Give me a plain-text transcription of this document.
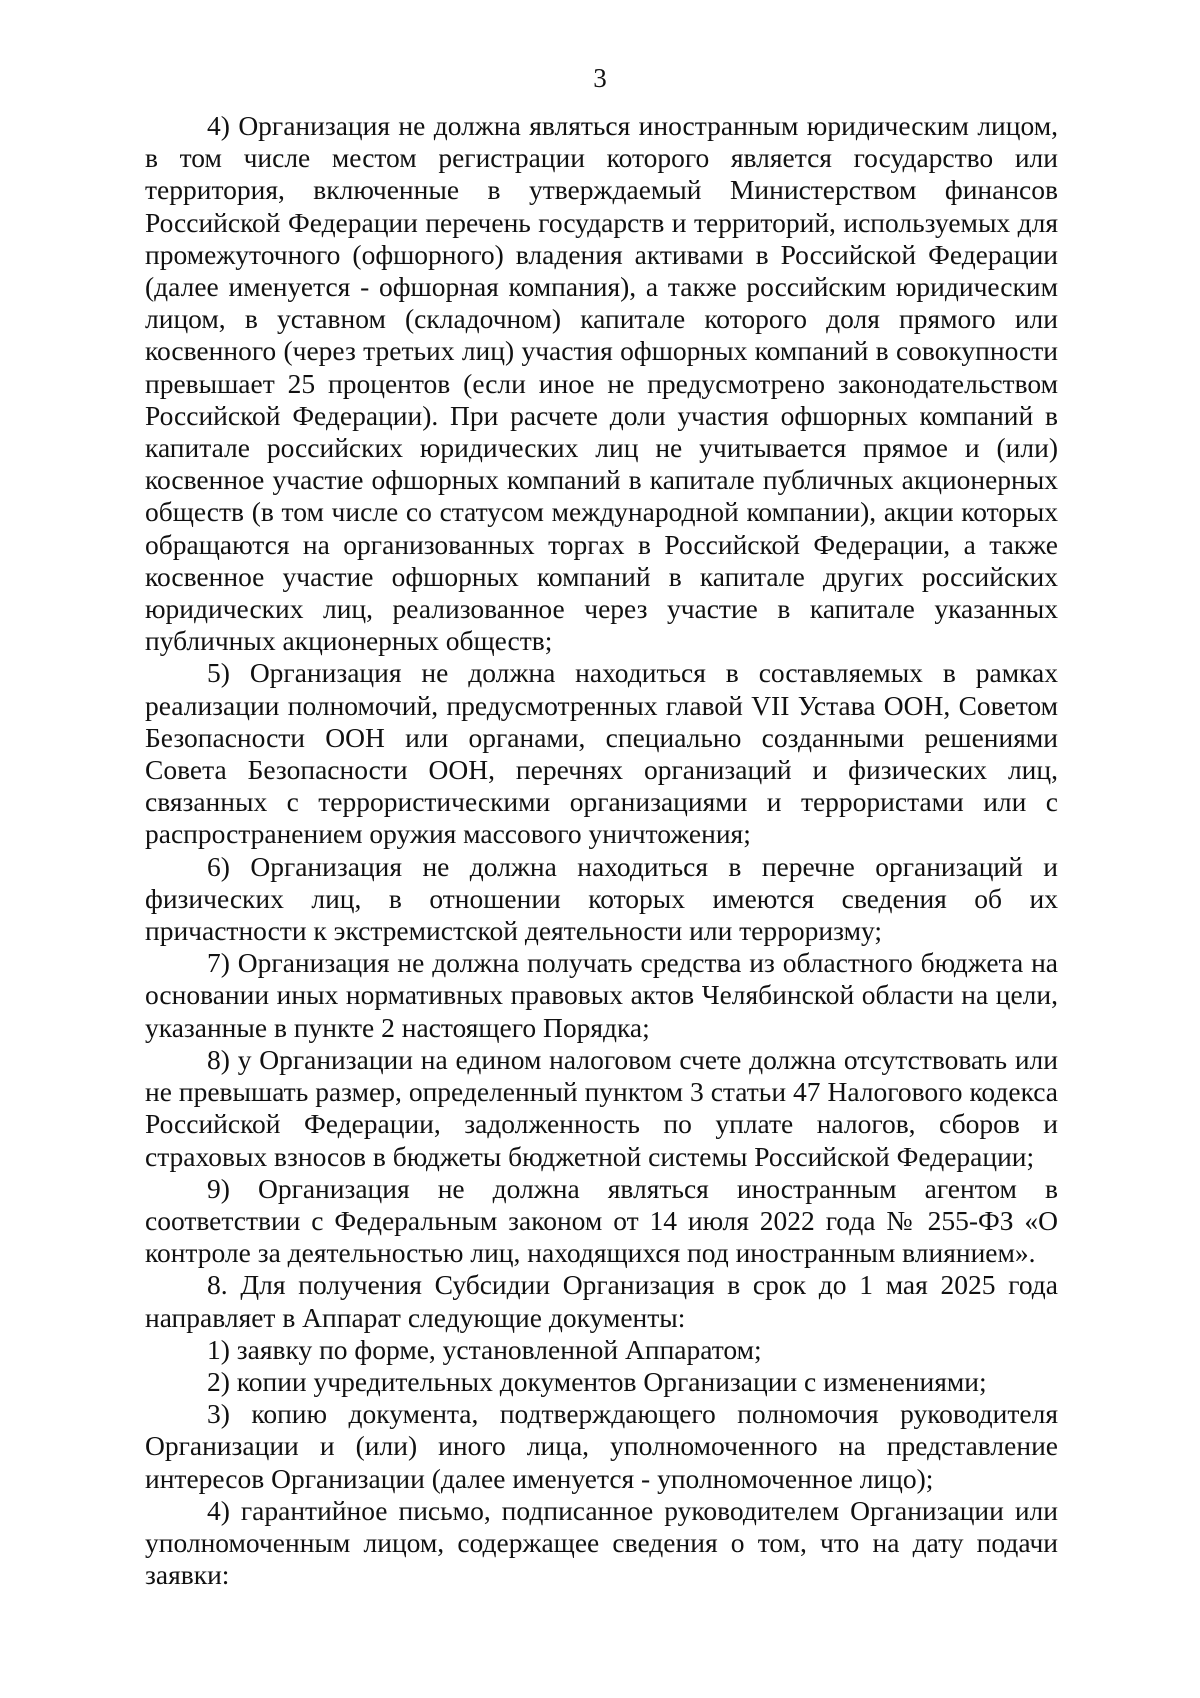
3

4) Организация не должна являться иностранным юридическим лицом, в том числе местом регистрации которого является государство или территория, включенные в утверждаемый Министерством финансов Российской Федерации перечень государств и территорий, используемых для промежуточного (офшорного) владения активами в Российской Федерации (далее именуется - офшорная компания), а также российским юридическим лицом, в уставном (складочном) капитале которого доля прямого или косвенного (через третьих лиц) участия офшорных компаний в совокупности превышает 25 процентов (если иное не предусмотрено законодательством Российской Федерации). При расчете доли участия офшорных компаний в капитале российских юридических лиц не учитывается прямое и (или) косвенное участие офшорных компаний в капитале публичных акционерных обществ (в том числе со статусом международной компании), акции которых обращаются на организованных торгах в Российской Федерации, а также косвенное участие офшорных компаний в капитале других российских юридических лиц, реализованное через участие в капитале указанных публичных акционерных обществ;

5) Организация не должна находиться в составляемых в рамках реализации полномочий, предусмотренных главой VII Устава ООН, Советом Безопасности ООН или органами, специально созданными решениями Совета Безопасности ООН, перечнях организаций и физических лиц, связанных с террористическими организациями и террористами или с распространением оружия массового уничтожения;

6) Организация не должна находиться в перечне организаций и физических лиц, в отношении которых имеются сведения об их причастности к экстремистской деятельности или терроризму;

7) Организация не должна получать средства из областного бюджета на основании иных нормативных правовых актов Челябинской области на цели, указанные в пункте 2 настоящего Порядка;

8) у Организации на едином налоговом счете должна отсутствовать или не превышать размер, определенный пунктом 3 статьи 47 Налогового кодекса Российской Федерации, задолженность по уплате налогов, сборов и страховых взносов в бюджеты бюджетной системы Российской Федерации;

9) Организация не должна являться иностранным агентом в соответствии с Федеральным законом от 14 июля 2022 года № 255-ФЗ «О контроле за деятельностью лиц, находящихся под иностранным влиянием».

8. Для получения Субсидии Организация в срок до 1 мая 2025 года направляет в Аппарат следующие документы:

1) заявку по форме, установленной Аппаратом;

2) копии учредительных документов Организации с изменениями;

3) копию документа, подтверждающего полномочия руководителя Организации и (или) иного лица, уполномоченного на представление интересов Организации (далее именуется - уполномоченное лицо);

4) гарантийное письмо, подписанное руководителем Организации или уполномоченным лицом, содержащее сведения о том, что на дату подачи заявки:
